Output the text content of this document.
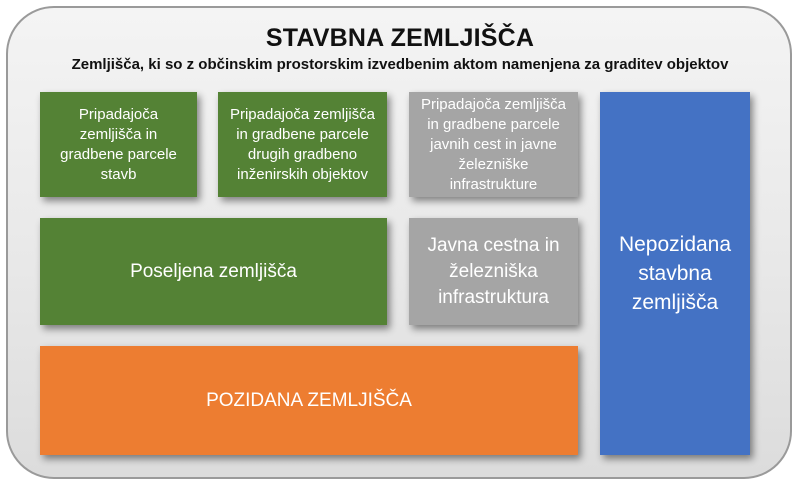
STAVBNA ZEMLJIŠČA
Zemljišča, ki so z občinskim prostorskim izvedbenim aktom namenjena za graditev objektov
Pripadajoča zemljišča in gradbene parcele stavb
Pripadajoča zemljišča in gradbene parcele drugih gradbeno inženirskih objektov
Pripadajoča zemljišča in gradbene parcele javnih cest in javne železniške infrastrukture
Poseljena zemljišča
Javna cestna in železniška infrastruktura
POZIDANA ZEMLJIŠČA
Nepozidana stavbna zemljišča
